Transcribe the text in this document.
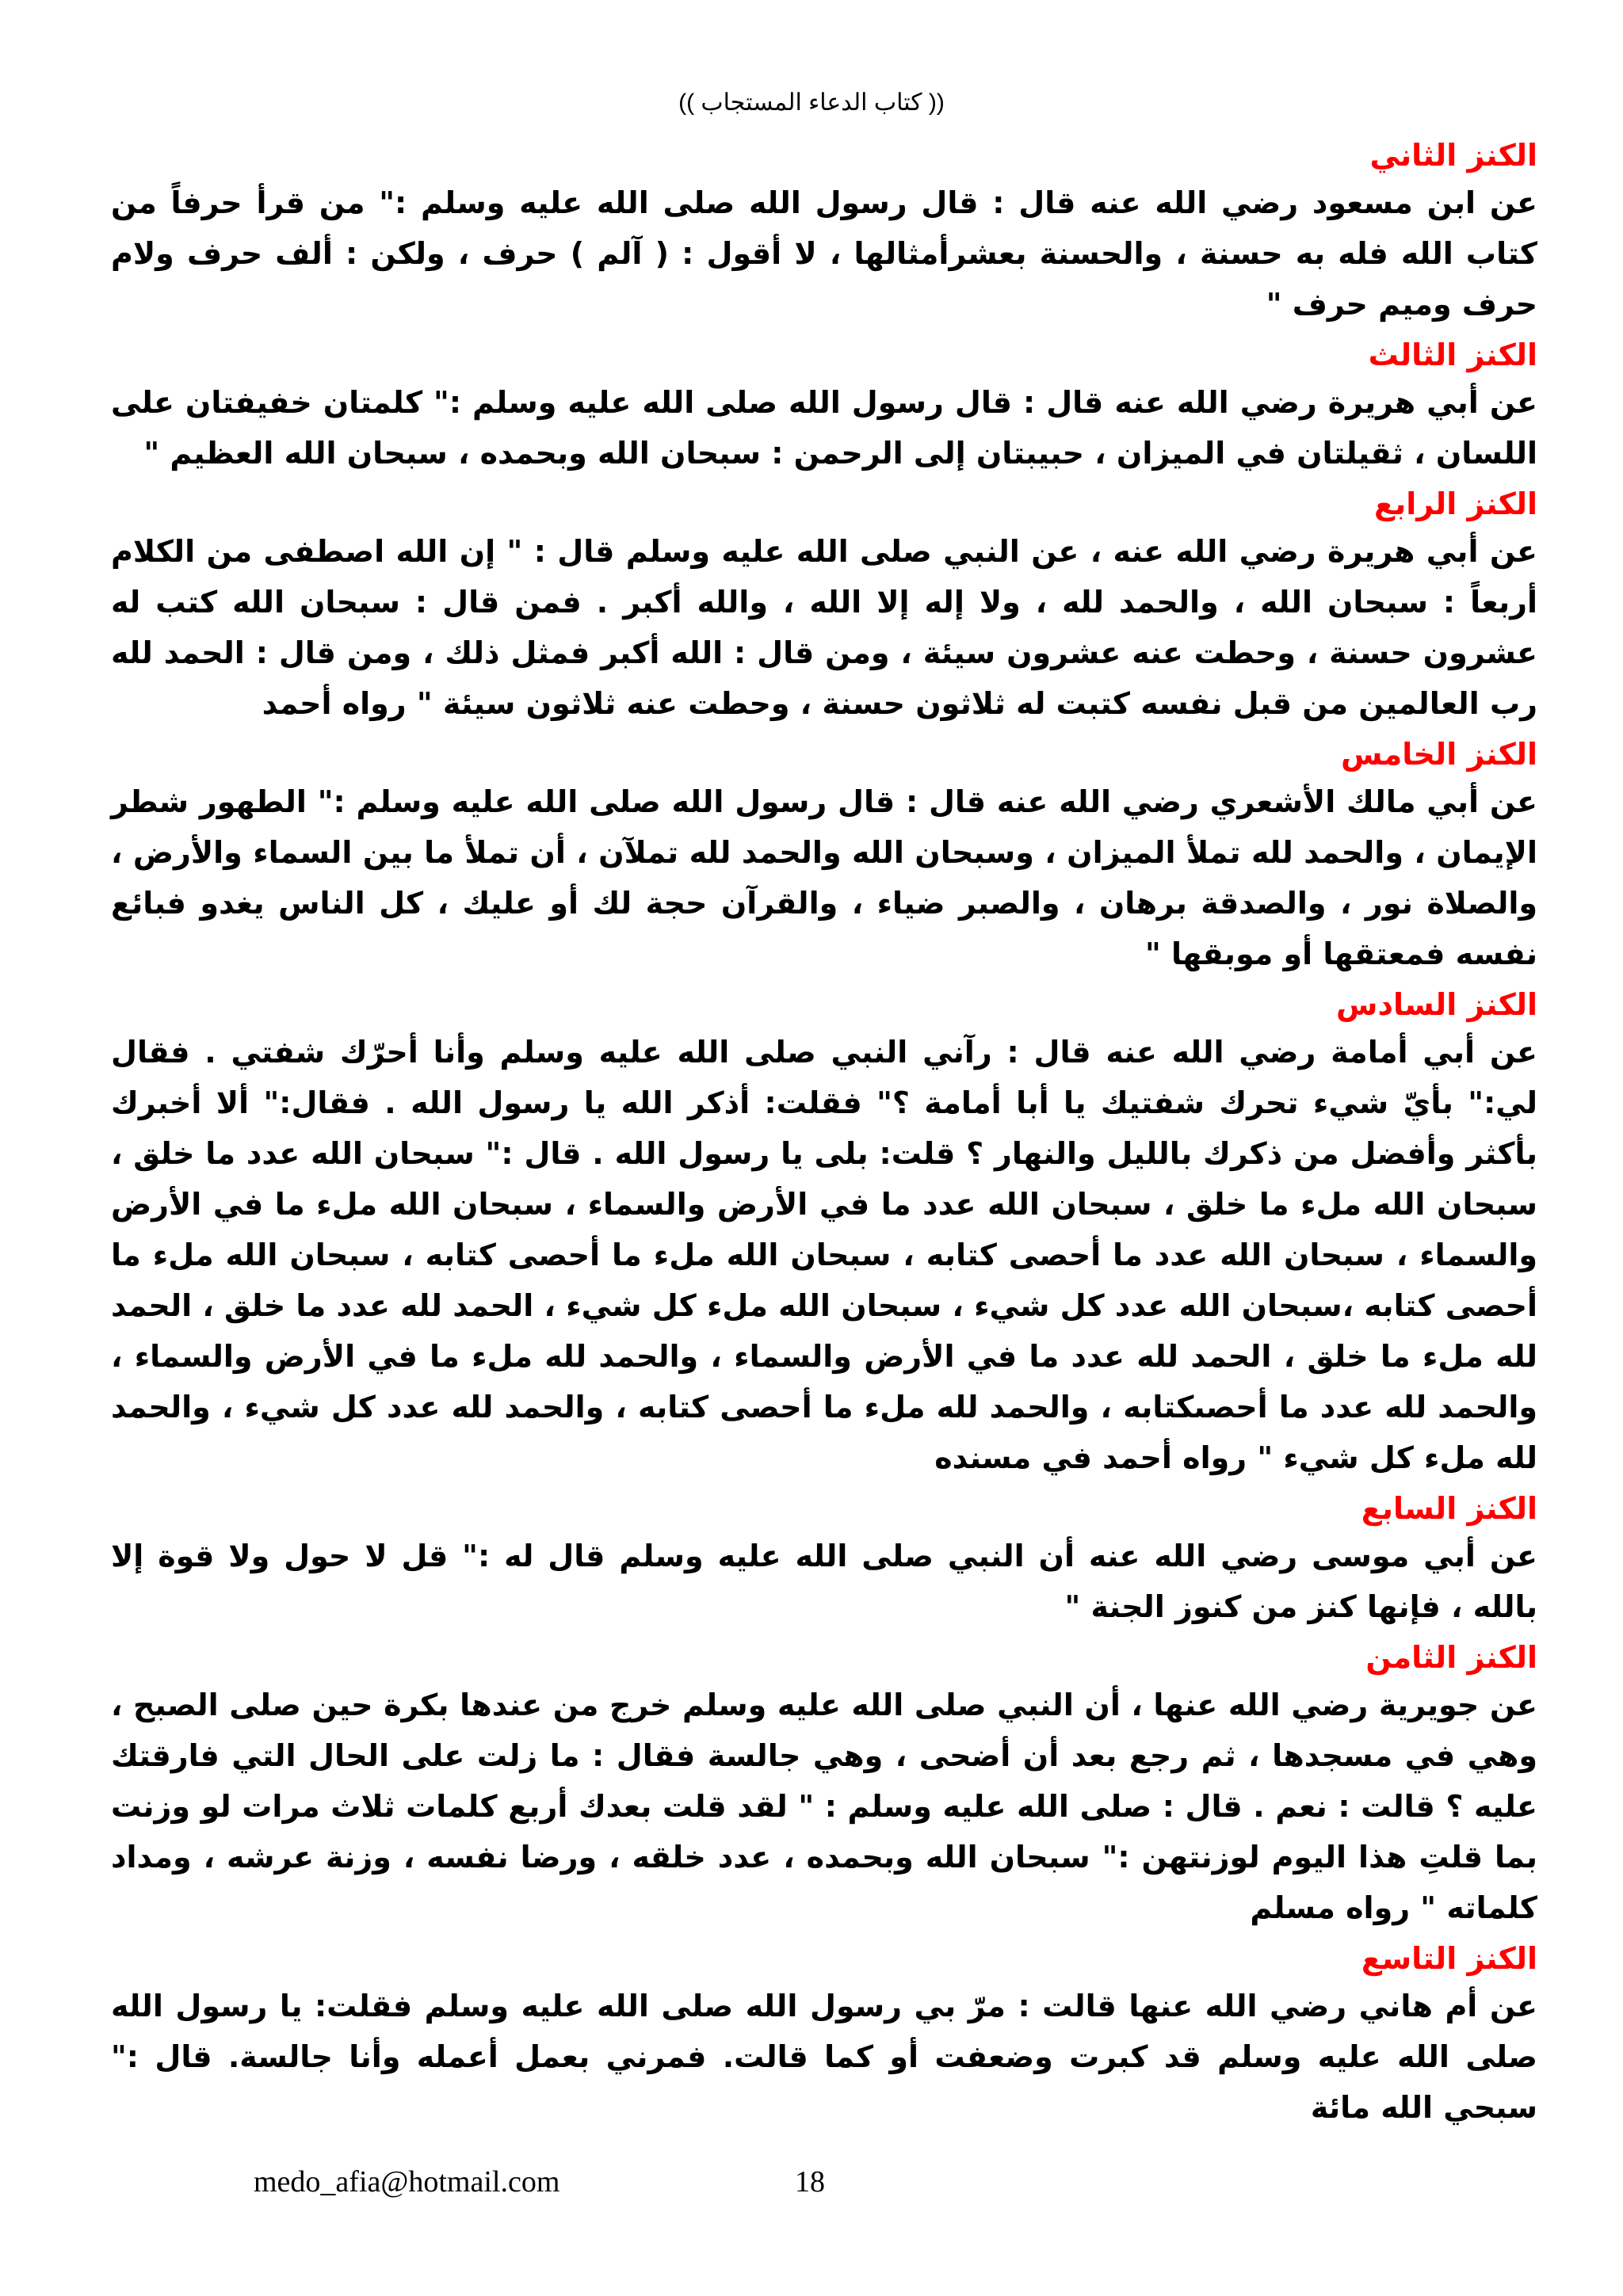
(( كتاب الدعاء المستجاب ))

الكنز الثاني

عن ابن مسعود رضي الله عنه قال : قال رسول الله صلى الله عليه وسلم :" من قرأ حرفاً من كتاب الله فله به حسنة ، والحسنة بعشرأمثالها ، لا أقول : ( آلم ) حرف ، ولكن : ألف حرف ولام حرف وميم حرف "

الكنز الثالث

عن أبي هريرة رضي الله عنه قال : قال رسول الله صلى الله عليه وسلم :" كلمتان خفيفتان على اللسان ، ثقيلتان في الميزان ، حبيبتان إلى الرحمن : سبحان الله وبحمده ، سبحان الله العظيم "

الكنز الرابع

عن أبي هريرة رضي الله عنه ، عن النبي صلى الله عليه وسلم قال : " إن الله اصطفى من الكلام أربعاً : سبحان الله ، والحمد لله ، ولا إله إلا الله ، والله أكبر . فمن قال : سبحان الله كتب له عشرون حسنة ، وحطت عنه عشرون سيئة ، ومن قال : الله أكبر فمثل ذلك ، ومن قال : الحمد لله رب العالمين من قبل نفسه كتبت له ثلاثون حسنة ، وحطت عنه ثلاثون سيئة " رواه أحمد

الكنز الخامس

عن أبي مالك الأشعري رضي الله عنه قال : قال رسول الله صلى الله عليه وسلم :" الطهور شطر الإيمان ، والحمد لله تملأ الميزان ، وسبحان الله والحمد لله تملآن ، أن تملأ ما بين السماء والأرض ، والصلاة نور ، والصدقة برهان ، والصبر ضياء ، والقرآن حجة لك أو عليك ، كل الناس يغدو فبائع نفسه فمعتقها أو موبقها "

الكنز السادس

عن أبي أمامة رضي الله عنه قال : رآني النبي صلى الله عليه وسلم وأنا أحرّك شفتي . فقال لي:" بأيّ شيء تحرك شفتيك يا أبا أمامة ؟" فقلت: أذكر الله يا رسول الله . فقال:" ألا أخبرك بأكثر وأفضل من ذكرك بالليل والنهار ؟ قلت: بلى يا رسول الله . قال :" سبحان الله عدد ما خلق ، سبحان الله ملء ما خلق ، سبحان الله عدد ما في الأرض والسماء ، سبحان الله ملء ما في الأرض والسماء ، سبحان الله عدد ما أحصى كتابه ، سبحان الله ملء ما أحصى كتابه ، سبحان الله ملء ما أحصى كتابه ،سبحان الله عدد كل شيء ، سبحان الله ملء كل شيء ، الحمد لله عدد ما خلق ، الحمد لله ملء ما خلق ، الحمد لله عدد ما في الأرض والسماء ، والحمد لله ملء ما في الأرض والسماء ، والحمد لله عدد ما أحصىكتابه ، والحمد لله ملء ما أحصى كتابه ، والحمد لله عدد كل شيء ، والحمد لله ملء كل شيء " رواه أحمد في مسنده

الكنز السابع

عن أبي موسى رضي الله عنه أن النبي صلى الله عليه وسلم قال له :" قل لا حول ولا قوة إلا بالله ، فإنها كنز من كنوز الجنة "

الكنز الثامن

عن جويرية رضي الله عنها ، أن النبي صلى الله عليه وسلم خرج من عندها بكرة حين صلى الصبح ، وهي في مسجدها ، ثم رجع بعد أن أضحى ، وهي جالسة فقال : ما زلت على الحال التي فارقتك عليه ؟ قالت : نعم . قال : صلى الله عليه وسلم : " لقد قلت بعدك أربع كلمات ثلاث مرات لو وزنت بما قلتِ هذا اليوم لوزنتهن :" سبحان الله وبحمده ، عدد خلقه ، ورضا نفسه ، وزنة عرشه ، ومداد كلماته " رواه مسلم

الكنز التاسع

عن أم هاني رضي الله عنها قالت : مرّ بي رسول الله صلى الله عليه وسلم فقلت: يا رسول الله صلى الله عليه وسلم قد كبرت وضعفت أو كما قالت. فمرني بعمل أعمله وأنا جالسة. قال :" سبحي الله مائة

medo_afia@hotmail.com	18
